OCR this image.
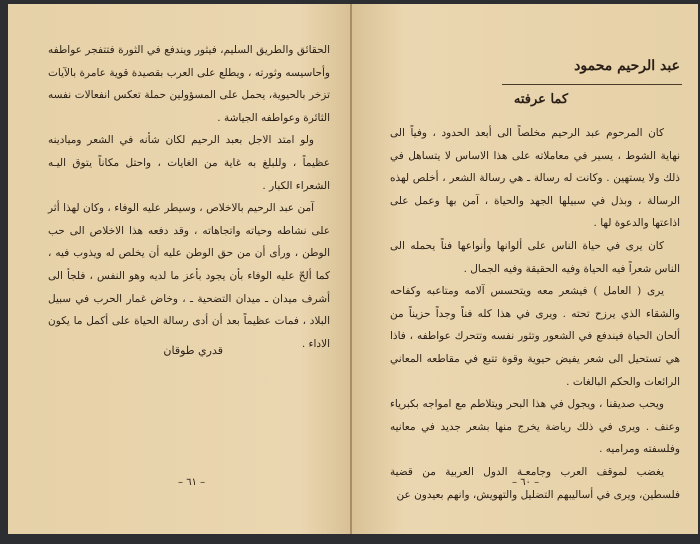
الحقائق والطريق السليم، فيثور ويندفع في الثورة فتتفجر عواطفه وأحاسيسه وثورته ، ويطلع على العرب بقصيدة قوية عامرة بالآيات تزخر بالحيوية، يحمل على المسؤولين حملة تعكس انفعالات نفسه الثائرة وعواطفه الجياشة .

ولو امتد الاجل بعبد الرحيم لكان شأنه في الشعر وميادينه عظيماً ، وللبلغ به غاية من الغايات ، واحتل مكاناً يتوق اليـه الشعراء الكبار .

آمن عبد الرحيم بالاخلاص ، وسيطر عليه الوفاء ، وكان لهذا أثر على نشاطه وحياته واتجاهاته ، وقد دفعه هذا الاخلاص الى حب الوطن ، ورأى أن من حق الوطن عليه أن يخلص له ويذوب فيه ، كما ألحّ عليه الوفاء بأن يجود بأعز ما لديه وهو النفس ، فلجأ الى أشرف ميدان ـ ميدان التضحية ـ ، وخاض غمار الحرب في سبيل البلاد ، فمات عظيماً بعد أن أدى رسالة الحياة على أكمل ما يكون الاداء .

قدري طوقان
– ٦١ –
عبد الرحيم محمود
كما عرفته

كان المرحوم عبد الرحيم مخلصاً الى أبعد الحدود ، وفياً الى نهاية الشوط ، يسير في معاملاته على هذا الاساس لا يتساهل في ذلك ولا يستهين . وكانت له رسالة ـ هي رسالة الشعر ، أخلص لهذه الرسالة ، وبذل في سبيلها الجهد والحياة ، آمن بها وعمل على اذاعتها والدعوة لها .

كان يرى في حياة الناس على ألوانها وأنواعها فناً يحمله الى الناس شعراً فيه الحياة وفيه الحقيقة وفيه الجمال .

يرى ( العامل ) فيشعر معه ويتحسس آلامه ومتاعبه وكفاحه والشقاء الذي يرزح تحته . ويرى في هذا كله فناً وجداً حزيناً من ألحان الحياة فيندفع في الشعور وتثور نفسه وتتحرك عواطفه ، فاذا هي تستحيل الى شعر يفيض حيوية وقوة تتبع في مقاطعه المعاني الرائعات والحكم البالغات .

ويحب صديقنا ، ويجول في هذا البحر ويتلاطم مع امواجه بكبرياء وعنف . ويرى في ذلك رياضة يخرج منها بشعر جديد في معانيه وفلسفته ومراميه .

يغضب لموقف العرب وجامعـة الدول العربية من قضية فلسطين، ويرى في أساليبهم التضليل والتهويش، وانهم بعيدون عن

– ٦٠ –
